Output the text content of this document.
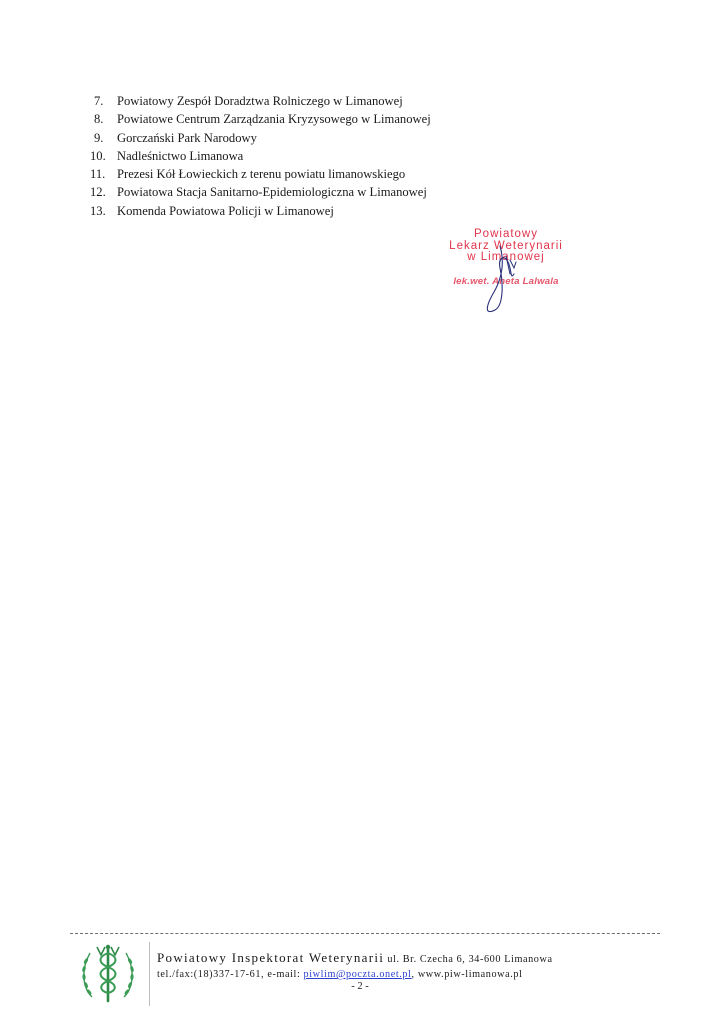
7.	Powiatowy Zespół Doradztwa Rolniczego w Limanowej
8.	Powiatowe Centrum Zarządzania Kryzysowego w Limanowej
9.	Gorczański Park Narodowy
10. Nadleśnictwo Limanowa
11. Prezesi Kół Łowieckich z terenu powiatu limanowskiego
12. Powiatowa Stacja Sanitarno-Epidemiologiczna w Limanowej
13. Komenda Powiatowa Policji w Limanowej
Powiatowy
Lekarz Weterynarii
w Limanowej
lek.wet. Aneta Lalwala

Powiatowy Inspektorat Weterynarii ul. Br. Czecha 6, 34-600 Limanowa

tel./fax:(18)337-17-61, e-mail: piwlim@poczta.onet.pl, www.piw-limanowa.pl

- 2 -
